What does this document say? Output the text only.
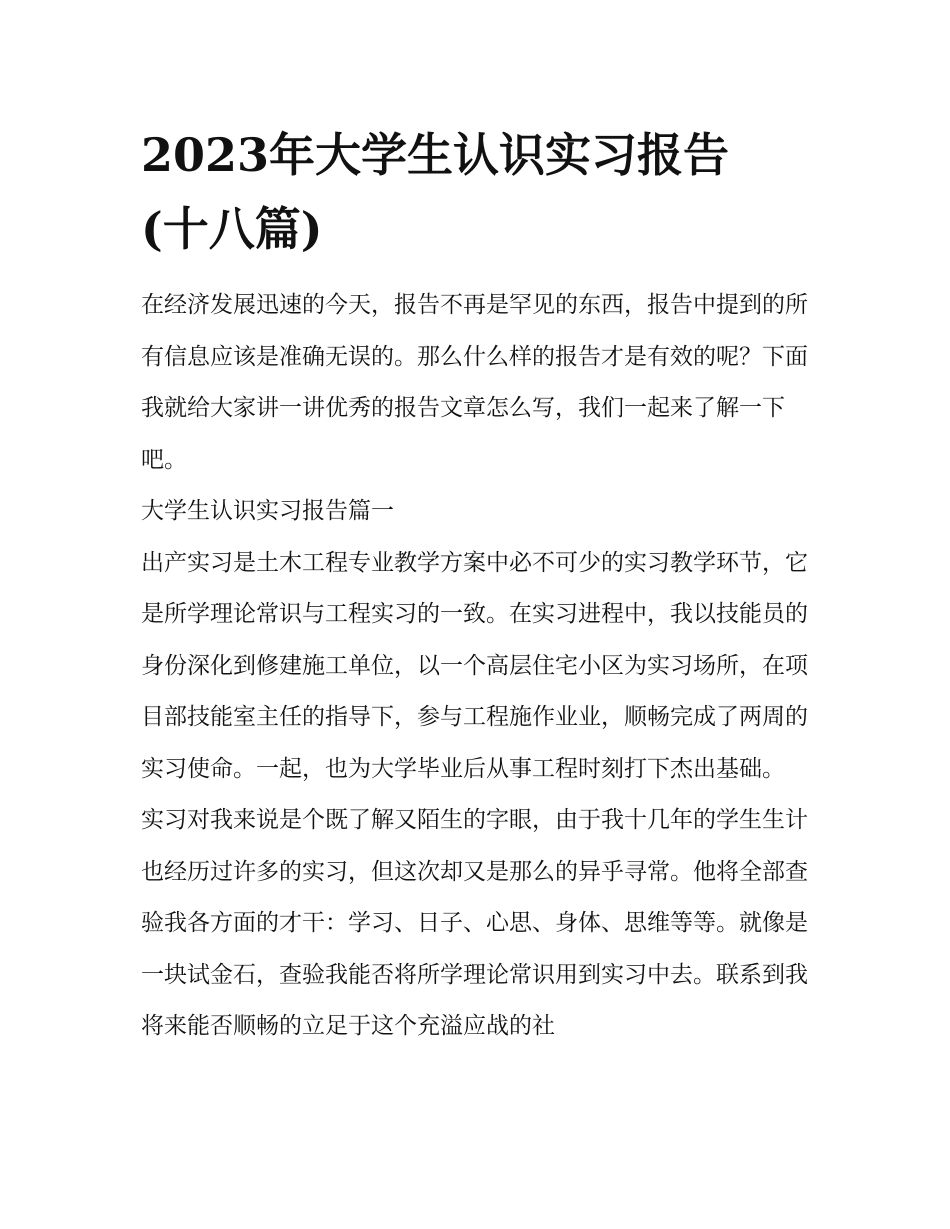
2023年大学生认识实习报告
(十八篇)

在经济发展迅速的今天，报告不再是罕见的东西，报告中提到的所有信息应该是准确无误的。那么什么样的报告才是有效的呢？下面我就给大家讲一讲优秀的报告文章怎么写，我们一起来了解一下吧。

大学生认识实习报告篇一

出产实习是土木工程专业教学方案中必不可少的实习教学环节，它是所学理论常识与工程实习的一致。在实习进程中，我以技能员的身份深化到修建施工单位，以一个高层住宅小区为实习场所，在项目部技能室主任的指导下，参与工程施作业业，顺畅完成了两周的实习使命。一起，也为大学毕业后从事工程时刻打下杰出基础。

实习对我来说是个既了解又陌生的字眼，由于我十几年的学生生计也经历过许多的实习，但这次却又是那么的异乎寻常。他将全部查验我各方面的才干：学习、日子、心思、身体、思维等等。就像是一块试金石，查验我能否将所学理论常识用到实习中去。联系到我将来能否顺畅的立足于这个充溢应战的社
